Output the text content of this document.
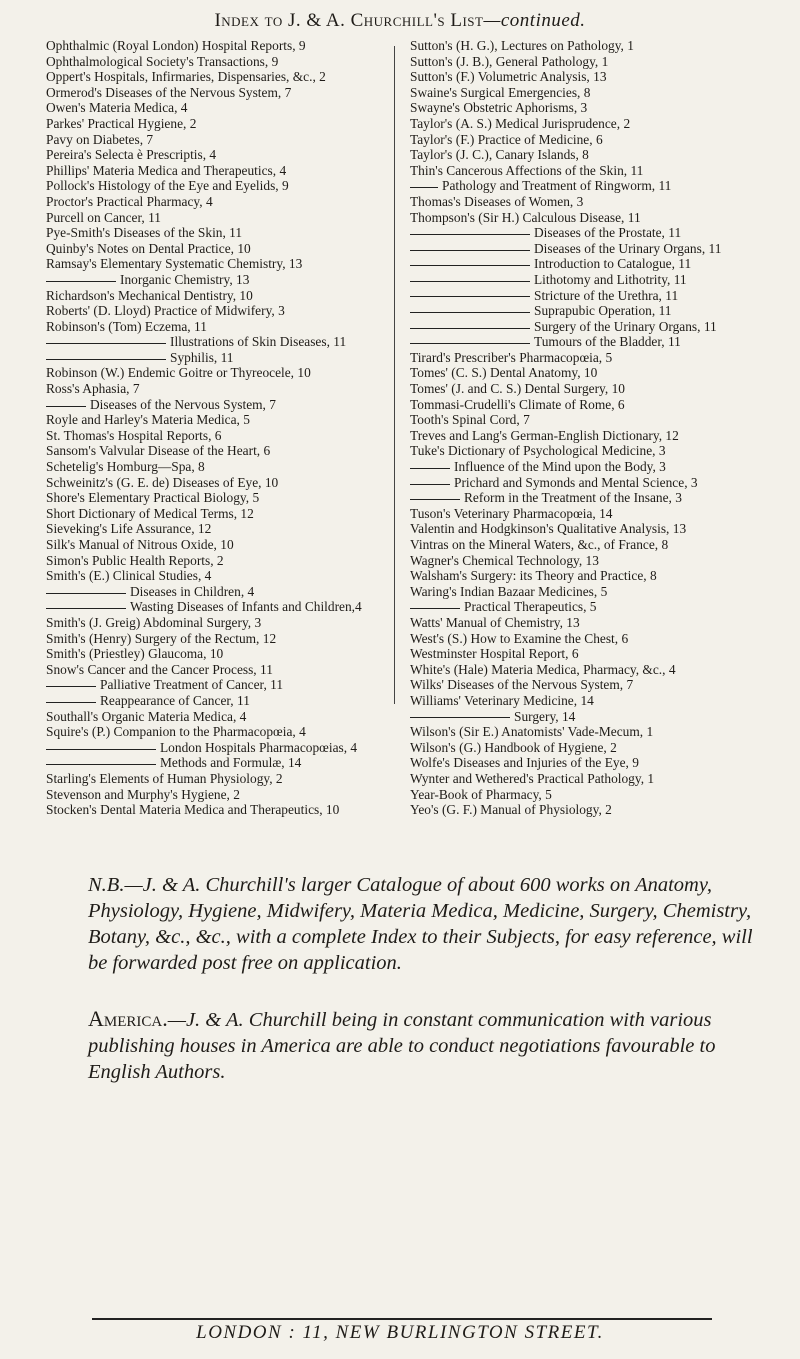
Index to J. & A. Churchill's List—continued.
Ophthalmic (Royal London) Hospital Reports, 9
Ophthalmological Society's Transactions, 9
Oppert's Hospitals, Infirmaries, Dispensaries, &c., 2
Ormerod's Diseases of the Nervous System, 7
Owen's Materia Medica, 4
Parkes' Practical Hygiene, 2
Pavy on Diabetes, 7
Pereira's Selecta è Prescriptis, 4
Phillips' Materia Medica and Therapeutics, 4
Pollock's Histology of the Eye and Eyelids, 9
Proctor's Practical Pharmacy, 4
Purcell on Cancer, 11
Pye-Smith's Diseases of the Skin, 11
Quinby's Notes on Dental Practice, 10
Ramsay's Elementary Systematic Chemistry, 13
Inorganic Chemistry, 13
Richardson's Mechanical Dentistry, 10
Roberts' (D. Lloyd) Practice of Midwifery, 3
Robinson's (Tom) Eczema, 11
Illustrations of Skin Diseases, 11
Syphilis, 11
Robinson (W.) Endemic Goitre or Thyreocele, 10
Ross's Aphasia, 7
Diseases of the Nervous System, 7
Royle and Harley's Materia Medica, 5
St. Thomas's Hospital Reports, 6
Sansom's Valvular Disease of the Heart, 6
Schetelig's Homburg—Spa, 8
Schweinitz's (G. E. de) Diseases of Eye, 10
Shore's Elementary Practical Biology, 5
Short Dictionary of Medical Terms, 12
Sieveking's Life Assurance, 12
Silk's Manual of Nitrous Oxide, 10
Simon's Public Health Reports, 2
Smith's (E.) Clinical Studies, 4
Diseases in Children, 4
Wasting Diseases of Infants and Children,4
Smith's (J. Greig) Abdominal Surgery, 3
Smith's (Henry) Surgery of the Rectum, 12
Smith's (Priestley) Glaucoma, 10
Snow's Cancer and the Cancer Process, 11
Palliative Treatment of Cancer, 11
Reappearance of Cancer, 11
Southall's Organic Materia Medica, 4
Squire's (P.) Companion to the Pharmacopœia, 4
London Hospitals Pharmacopœias, 4
Methods and Formulæ, 14
Starling's Elements of Human Physiology, 2
Stevenson and Murphy's Hygiene, 2
Stocken's Dental Materia Medica and Therapeutics, 10
Sutton's (H. G.), Lectures on Pathology, 1
Sutton's (J. B.), General Pathology, 1
Sutton's (F.) Volumetric Analysis, 13
Swaine's Surgical Emergencies, 8
Swayne's Obstetric Aphorisms, 3
Taylor's (A. S.) Medical Jurisprudence, 2
Taylor's (F.) Practice of Medicine, 6
Taylor's (J. C.), Canary Islands, 8
Thin's Cancerous Affections of the Skin, 11
Pathology and Treatment of Ringworm, 11
Thomas's Diseases of Women, 3
Thompson's (Sir H.) Calculous Disease, 11
Diseases of the Prostate, 11
Diseases of the Urinary Organs, 11
Introduction to Catalogue, 11
Lithotomy and Lithotrity, 11
Stricture of the Urethra, 11
Suprapubic Operation, 11
Surgery of the Urinary Organs, 11
Tumours of the Bladder, 11
Tirard's Prescriber's Pharmacopœia, 5
Tomes' (C. S.) Dental Anatomy, 10
Tomes' (J. and C. S.) Dental Surgery, 10
Tommasi-Crudelli's Climate of Rome, 6
Tooth's Spinal Cord, 7
Treves and Lang's German-English Dictionary, 12
Tuke's Dictionary of Psychological Medicine, 3
Influence of the Mind upon the Body, 3
Prichard and Symonds and Mental Science, 3
Reform in the Treatment of the Insane, 3
Tuson's Veterinary Pharmacopœia, 14
Valentin and Hodgkinson's Qualitative Analysis, 13
Vintras on the Mineral Waters, &c., of France, 8
Wagner's Chemical Technology, 13
Walsham's Surgery: its Theory and Practice, 8
Waring's Indian Bazaar Medicines, 5
Practical Therapeutics, 5
Watts' Manual of Chemistry, 13
West's (S.) How to Examine the Chest, 6
Westminster Hospital Report, 6
White's (Hale) Materia Medica, Pharmacy, &c., 4
Wilks' Diseases of the Nervous System, 7
Williams' Veterinary Medicine, 14
Surgery, 14
Wilson's (Sir E.) Anatomists' Vade-Mecum, 1
Wilson's (G.) Handbook of Hygiene, 2
Wolfe's Diseases and Injuries of the Eye, 9
Wynter and Wethered's Practical Pathology, 1
Year-Book of Pharmacy, 5
Yeo's (G. F.) Manual of Physiology, 2
N.B.—J. & A. Churchill's larger Catalogue of about 600 works on Anatomy, Physiology, Hygiene, Midwifery, Materia Medica, Medicine, Surgery, Chemistry, Botany, &c., &c., with a complete Index to their Subjects, for easy reference, will be forwarded post free on application.
America.—J. & A. Churchill being in constant communication with various publishing houses in America are able to conduct negotiations favourable to English Authors.
LONDON : 11, NEW BURLINGTON STREET.
